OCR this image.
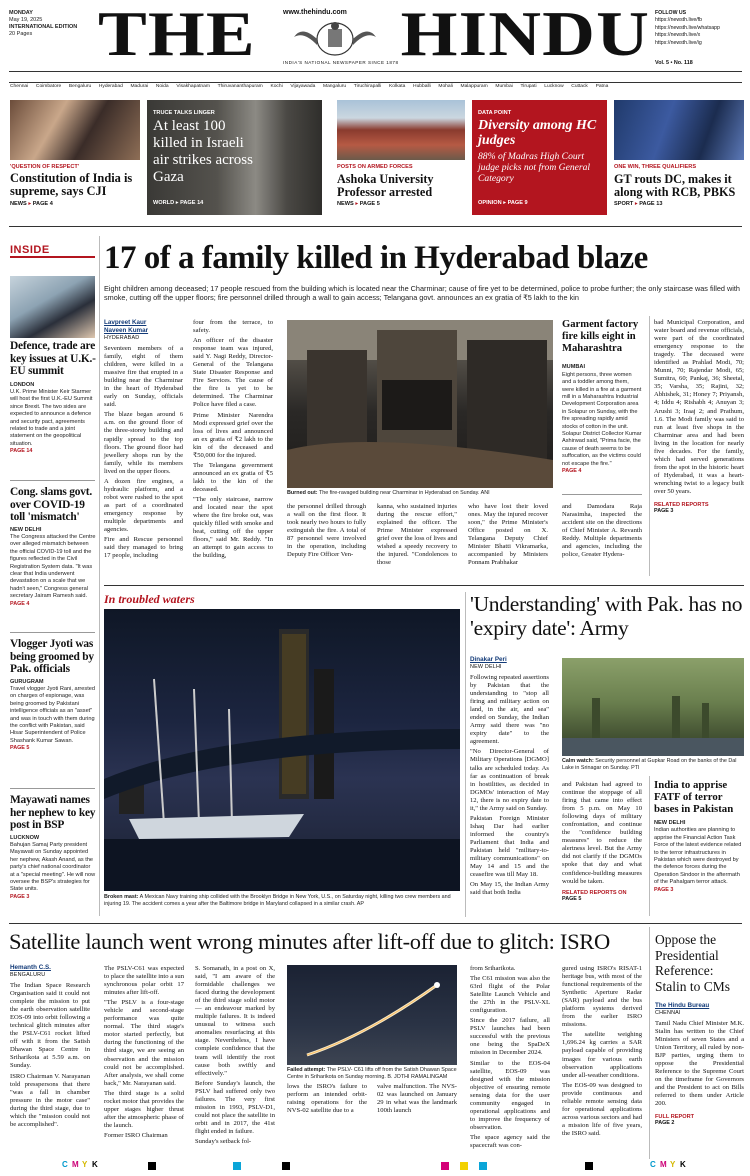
MONDAY
May 19, 2025
INTERNATIONAL EDITION
20 Pages
www.thehindu.com
THE HINDU
INDIA'S NATIONAL NEWSPAPER SINCE 1878
FOLLOW US
https://newsth.live/fb
https://newsth.live/whatsapp
https://newsth.live/x
https://newsth.live/ig
Vol. 5 • No. 118
Chennai Coimbatore Bengaluru Hyderabad Madurai Noida Visakhapatnam Thiruvananthapuram Kochi Vijayawada Mangaluru Tiruchirapalli Kolkata Hubballi Mohali Malappuram Mumbai Tirupati Lucknow Cuttack Patna
'QUESTION OF RESPECT'
Constitution of India is supreme, says CJI
NEWS ▸ PAGE 4
TRUCE TALKS LINGER
At least 100 killed in Israeli air strikes across Gaza
WORLD ▸ PAGE 14
POSTS ON ARMED FORCES
Ashoka University Professor arrested
NEWS ▸ PAGE 5
DATA POINT
Diversity among HC judges
88% of Madras High Court judge picks not from General Category
OPINION ▸ PAGE 9
ONE WIN, THREE QUALIFIERS
GT routs DC, makes it along with RCB, PBKS
SPORT ▸ PAGE 13
INSIDE
Defence, trade are key issues at U.K.-EU summit
LONDON
U.K. Prime Minister Keir Starmer will host the first U.K.-EU Summit since Brexit. The two sides are expected to announce a defence and security pact, agreements related to trade and a joint statement on the geopolitical situation.
PAGE 14
Cong. slams govt. over COVID-19 toll 'mismatch'
NEW DELHI
The Congress attacked the Centre over alleged mismatch between the official COVID-19 toll and the figures reflected in the Civil Registration System data. "It was clear that India underwent devastation on a scale that we hadn't seen," Congress general secretary Jairam Ramesh said.
PAGE 4
Vlogger Jyoti was being groomed by Pak. officials
GURUGRAM
Travel vlogger Jyoti Rani, arrested on charges of espionage, was being groomed by Pakistani intelligence officials as an "asset" and was in touch with them during the conflict with Pakistan, said Hisar Superintendent of Police Shashank Kumar Sawan.
PAGE 5
Mayawati names her nephew to key post in BSP
LUCKNOW
Bahujan Samaj Party president Mayawati on Sunday appointed her nephew, Akash Anand, as the party's chief national coordinator at a "special meeting". He will now oversee the BSP's strategies for State units.
PAGE 3
17 of a family killed in Hyderabad blaze
Eight children among deceased; 17 people rescued from the building which is located near the Charminar; cause of fire yet to be determined, police to probe further; the only staircase was filled with smoke, cutting off the upper floors; fire personnel drilled through a wall to gain access; Telangana govt. announces an ex gratia of ₹5 lakh to the kin
Lavpreet Kaur
Naveen Kumar
HYDERABAD

Seventeen members of a family, eight of them children, were killed in a massive fire that erupted in a building near the Charminar in the heart of Hyderabad early on Sunday, officials said.

The blaze began around 6 a.m. on the ground floor of the three-storey building and rapidly spread to the top floors. The ground floor had jewellery shops run by the family, while its members lived on the upper floors.

A dozen fire engines, a hydraulic platform, and a robot were rushed to the spot as part of a coordinated emergency response by multiple departments and agencies.

Fire and Rescue personnel said they managed to bring 17 people, including

four from the terrace, to safety.

An officer of the disaster response team was injured, said Y. Nagi Reddy, Director-General of the Telangana State Disaster Response and Fire Services. The cause of the fire is yet to be determined. The Charminar Police have filed a case.

Prime Minister Narendra Modi expressed grief over the loss of lives and announced an ex gratia of ₹2 lakh to the kin of the deceased and ₹50,000 for the injured.

The Telangana government announced an ex gratia of ₹5 lakh to the kin of the deceased.

"The only staircase, narrow and located near the spot where the fire broke out, was quickly filled with smoke and heat, cutting off the upper floors," said Mr. Reddy. "In an attempt to gain access to the building,

Burned out: The fire-ravaged building near Charminar in Hyderabad on Sunday. ANI

the personnel drilled through a wall on the first floor. It took nearly two hours to fully extinguish the fire. A total of 87 personnel were involved in the operation, including Deputy Fire Officer Ven-

kanna, who sustained injuries during the rescue effort," explained the officer. The Prime Minister expressed grief over the loss of lives and wished a speedy recovery to the injured. "Condolences to those

who have lost their loved ones. May the injured recover soon," the Prime Minister's Office posted on X. Telangana Deputy Chief Minister Bhatti Vikramarka, accompanied by Ministers Ponnam Prabhakar

Garment factory fire kills eight in Maharashtra
MUMBAI
Eight persons, three women and a toddler among them, were killed in a fire at a garment mill in a Maharashtra Industrial Development Corporation area in Solapur on Sunday, with the fire spreading rapidly amid stocks of cotton in the unit. Solapur District Collector Kumar Ashirwad said, "Prima facie, the cause of death seems to be suffocation, as the victims could not escape the fire."
PAGE 4

and Damodara Raja Narasimha, inspected the accident site on the directions of Chief Minister A. Revanth Reddy. Multiple departments and agencies, including the police, Greater Hydera-

bad Municipal Corporation, and water board and revenue officials, were part of the coordinated emergency response to the tragedy. The deceased were identified as Prahlad Modi, 70; Munni, 70; Rajendar Modi, 65; Sumitra, 60; Pankaj, 36; Sheetal, 35; Varsha, 35; Rajini, 32; Abhishek, 31; Honey 7; Priyansh, 4; Iddu 4; Rishabh 4; Anuyan 3; Arushi 3; Iraaj 2; and Prathum, 1.6. The Modi family was said to run at least five shops in the Charminar area and had been living in the location for nearly five decades. For the family, which had served generations from the spot in the historic heart of Hyderabad, it was a heart-wrenching twist to a legacy built over 50 years.

RELATED REPORTS
PAGE 3
In troubled waters
Broken mast: A Mexican Navy training ship collided with the Brooklyn Bridge in New York, U.S., on Saturday night, killing two crew members and injuring 19. The accident comes a year after the Baltimore bridge in Maryland collapsed in a similar crash. AP
'Understanding' with Pak. has no 'expiry date': Army
Dinakar Peri
NEW DELHI

Following repeated assertions by Pakistan that the understanding to "stop all firing and military action on land, in the air, and sea" ended on Sunday, the Indian Army said there was "no expiry date" to the agreement.

"No Director-General of Military Operations [DGMO] talks are scheduled today. As far as continuation of break in hostilities, as decided in DGMOs' interaction of May 12, there is no expiry date to it," the Army said on Sunday.

Pakistan Foreign Minister Ishaq Dar had earlier informed the country's Parliament that India and Pakistan held "military-to-military communications" on May 14 and 15 and the ceasefire was till May 18.

On May 15, the Indian Army said that both India

Calm watch: Security personnel at Gupkar Road on the banks of the Dal Lake in Srinagar on Sunday. PTI

and Pakistan had agreed to continue the stoppage of all firing that came into effect from 5 p.m. on May 10 following days of military confrontation, and continue the "confidence building measures" to reduce the alertness level. But the Army did not clarify if the DGMOs spoke that day and what confidence-building measures would be taken.

RELATED REPORTS ON
PAGE 5
India to apprise FATF of terror bases in Pakistan
NEW DELHI
Indian authorities are planning to apprise the Financial Action Task Force of the latest evidence related to the terror infrastructures in Pakistan which were destroyed by the defence forces during the Operation Sindoor in the aftermath of the Pahalgam terror attack.
PAGE 3
Satellite launch went wrong minutes after lift-off due to glitch: ISRO
Hemanth C.S.
BENGALURU

The Indian Space Research Organisation said it could not complete the mission to put the earth observation satellite EOS-09 into orbit following a technical glitch minutes after the PSLV-C61 rocket lifted off with it from the Satish Dhawan Space Centre in Sriharikota at 5.59 a.m. on Sunday.

ISRO Chairman V. Narayanan told presspersons that there "was a fall in chamber pressure in the motor case" during the third stage, due to which the "mission could not be accomplished".

The PSLV-C61 was expected to place the satellite into a sun synchronous polar orbit 17 minutes after lift-off.

"The PSLV is a four-stage vehicle and second-stage performance was quite normal. The third stage's motor started perfectly, but during the functioning of the third stage, we are seeing an observation and the mission could not be accomplished. After analysis, we shall come back," Mr. Narayanan said.

The third stage is a solid rocket motor that provides the upper stages higher thrust after the atmospheric phase of the launch.

Former ISRO Chairman

S. Somanath, in a post on X, said, "I am aware of the formidable challenges we faced during the development of the third stage solid motor — an endeavour marked by multiple failures. It is indeed unusual to witness such anomalies resurfacing at this stage. Nevertheless, I have complete confidence that the team will identify the root cause both swiftly and effectively."

Before Sunday's launch, the PSLV had suffered only two failures. The very first mission in 1993, PSLV-D1, could not place the satellite in orbit and in 2017, the 41st flight ended in failure.

Sunday's setback fol-

Failed attempt: The PSLV- C61 lifts off from the Satish Dhawan Space Centre in Sriharikota on Sunday morning. B. JOTHI RAMALINGAM

lows the ISRO's failure to perform an intended orbit-raising operations for the NVS-02 satellite due to a

valve malfunction. The NVS-02 was launched on January 29 in what was the landmark 100th launch

from Sriharikota.

The C61 mission was also the 63rd flight of the Polar Satellite Launch Vehicle and the 27th in the PSLV-XL configuration.

Since the 2017 failure, all PSLV launches had been successful with the previous one being the SpaDeX mission in December 2024.

Similar to the EOS-04 satellite, EOS-09 was designed with the mission objective of ensuring remote sensing data for the user community engaged in operational applications and to improve the frequency of observation.

The space agency said the spacecraft was con-

gured using ISRO's RISAT-1 heritage bus, with most of the functional requirements of the Synthetic Aperture Radar (SAR) payload and the bus platform systems derived from the earlier ISRO missions.

The satellite weighing 1,696.24 kg carries a SAR payload capable of providing images for various earth observation applications under all-weather conditions.

The EOS-09 was designed to provide continuous and reliable remote sensing data for operational applications across various sectors and had a mission life of five years, the ISRO said.

Oppose the Presidential Reference: Stalin to CMs
The Hindu Bureau
CHENNAI

Tamil Nadu Chief Minister M.K. Stalin has written to the Chief Ministers of seven States and a Union Territory, all ruled by non-BJP parties, urging them to oppose the Presidential Reference to the Supreme Court on the timeframe for Governors and the President to act on Bills referred to them under Article 200.

FULL REPORT
PAGE 2
C M Y K	C M Y K
